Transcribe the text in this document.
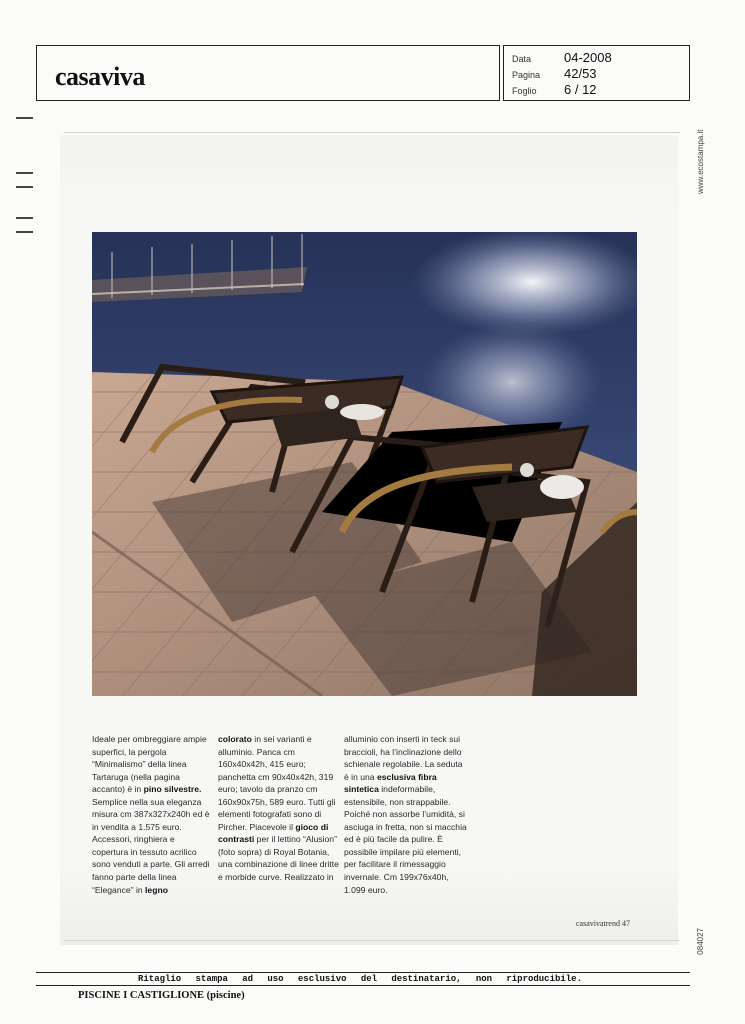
casaviva
Data	04-2008
Pagina	42/53
Foglio	6 / 12
www.ecostampa.it
084027

Ideale per ombreggiare ampie superfici, la pergola “Minimalismo” della linea Tartaruga (nella pagina accanto) è in pino silvestre. Semplice nella sua eleganza misura cm 387x327x240h ed è in vendita a 1.575 euro. Accessori, ringhiera e copertura in tessuto acrilico sono venduti a parte. Gli arredi fanno parte della linea “Elegance” in legno

colorato in sei varianti e alluminio. Panca cm 160x40x42h, 415 euro; panchetta cm 90x40x42h, 319 euro; tavolo da pranzo cm 160x90x75h, 589 euro. Tutti gli elementi fotografati sono di Pircher. Piacevole il gioco di contrasti per il lettino “Alusion” (foto sopra) di Royal Botania, una combinazione di linee dritte e morbide curve. Realizzato in

alluminio con inserti in teck sui braccioli, ha l’inclinazione dello schienale regolabile. La seduta è in una esclusiva fibra sintetica indeformabile, estensibile, non strappabile. Poiché non assorbe l’umidità, si asciuga in fretta, non si macchia ed è più facile da pulire. È possibile impilare più elementi, per facilitare il rimessaggio invernale. Cm 199x76x40h, 1.099 euro.

casavivatrend 47
Ritaglio stampa ad uso esclusivo del destinatario, non riproducibile.
PISCINE I CASTIGLIONE (piscine)
